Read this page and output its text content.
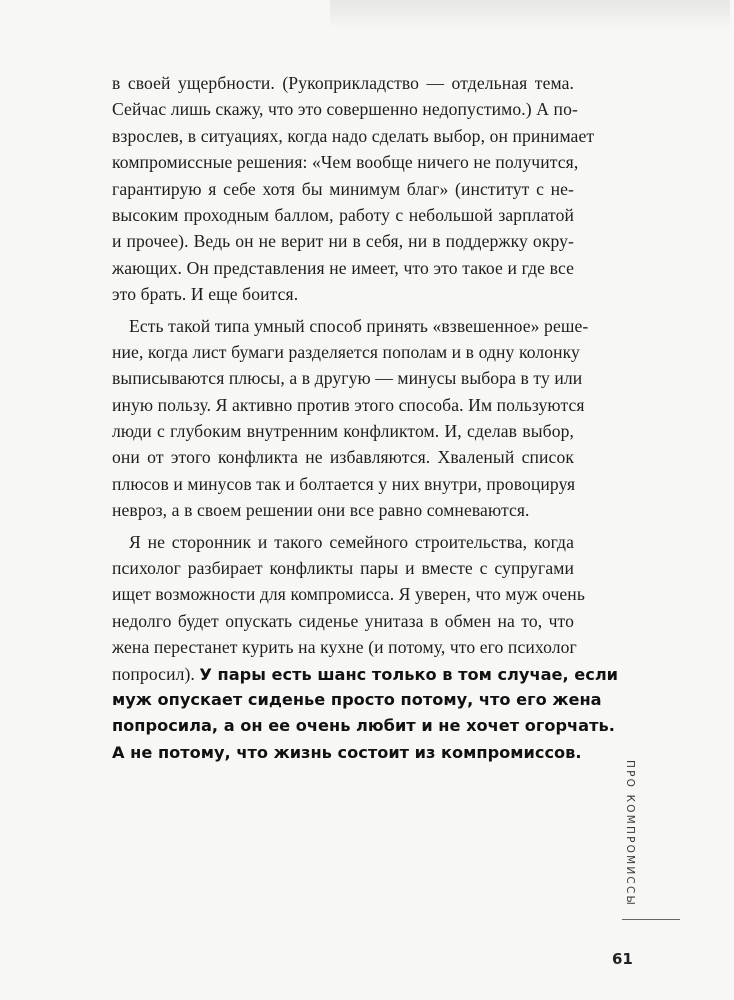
в своей ущербности. (Рукоприкладство — отдельная тема.
Сейчас лишь скажу, что это совершенно недопустимо.) А по-
взрослев, в ситуациях, когда надо сделать выбор, он принимает
компромиссные решения: «Чем вообще ничего не получится,
гарантирую я себе хотя бы минимум благ» (институт с не-
высоким проходным баллом, работу с небольшой зарплатой
и прочее). Ведь он не верит ни в себя, ни в поддержку окру-
жающих. Он представления не имеет, что это такое и где все
это брать. И еще боится.
Есть такой типа умный способ принять «взвешенное» реше-
ние, когда лист бумаги разделяется пополам и в одну колонку
выписываются плюсы, а в другую — минусы выбора в ту или
иную пользу. Я активно против этого способа. Им пользуются
люди с глубоким внутренним конфликтом. И, сделав выбор,
они от этого конфликта не избавляются. Хваленый список
плюсов и минусов так и болтается у них внутри, провоцируя
невроз, а в своем решении они все равно сомневаются.
Я не сторонник и такого семейного строительства, когда
психолог разбирает конфликты пары и вместе с супругами
ищет возможности для компромисса. Я уверен, что муж очень
недолго будет опускать сиденье унитаза в обмен на то, что
жена перестанет курить на кухне (и потому, что его психолог
попросил). У пары есть шанс только в том случае, если
муж опускает сиденье просто потому, что его жена
попросила, а он ее очень любит и не хочет огорчать.
А не потому, что жизнь состоит из компромиссов.
ПРО КОМПРОМИССЫ
61
